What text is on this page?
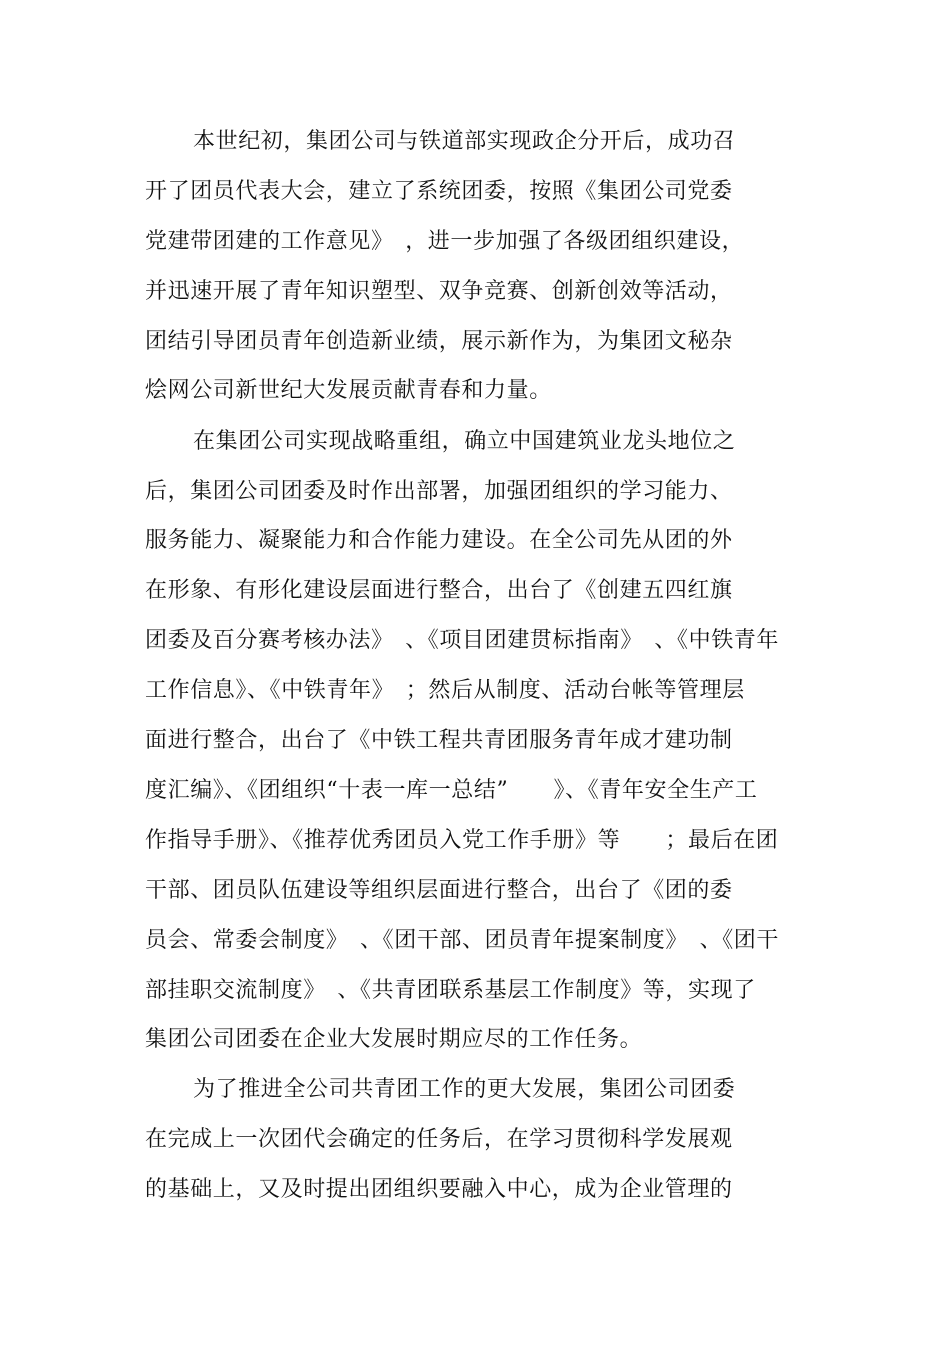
本世纪初，集团公司与铁道部实现政企分开后，成功召
开了团员代表大会，建立了系统团委，按照《集团公司党委
党建带团建的工作意见》　，进一步加强了各级团组织建设，
并迅速开展了青年知识塑型、双争竞赛、创新创效等活动，
团结引导团员青年创造新业绩，展示新作为，为集团文秘杂
烩网公司新世纪大发展贡献青春和力量。
在集团公司实现战略重组，确立中国建筑业龙头地位之
后，集团公司团委及时作出部署，加强团组织的学习能力、
服务能力、凝聚能力和合作能力建设。在全公司先从团的外
在形象、有形化建设层面进行整合，出台了《创建五四红旗
团委及百分赛考核办法》　、《项目团建贯标指南》　、《中铁青年
工作信息》、《中铁青年》　；然后从制度、活动台帐等管理层
面进行整合，出台了《中铁工程共青团服务青年成才建功制
度汇编》、《团组织“十表一库一总结”　　》、《青年安全生产工
作指导手册》、《推荐优秀团员入党工作手册》等　　；最后在团
干部、团员队伍建设等组织层面进行整合，出台了《团的委
员会、常委会制度》　、《团干部、团员青年提案制度》　、《团干
部挂职交流制度》　、《共青团联系基层工作制度》等，实现了
集团公司团委在企业大发展时期应尽的工作任务。
为了推进全公司共青团工作的更大发展，集团公司团委
在完成上一次团代会确定的任务后，在学习贯彻科学发展观
的基础上，又及时提出团组织要融入中心，成为企业管理的
